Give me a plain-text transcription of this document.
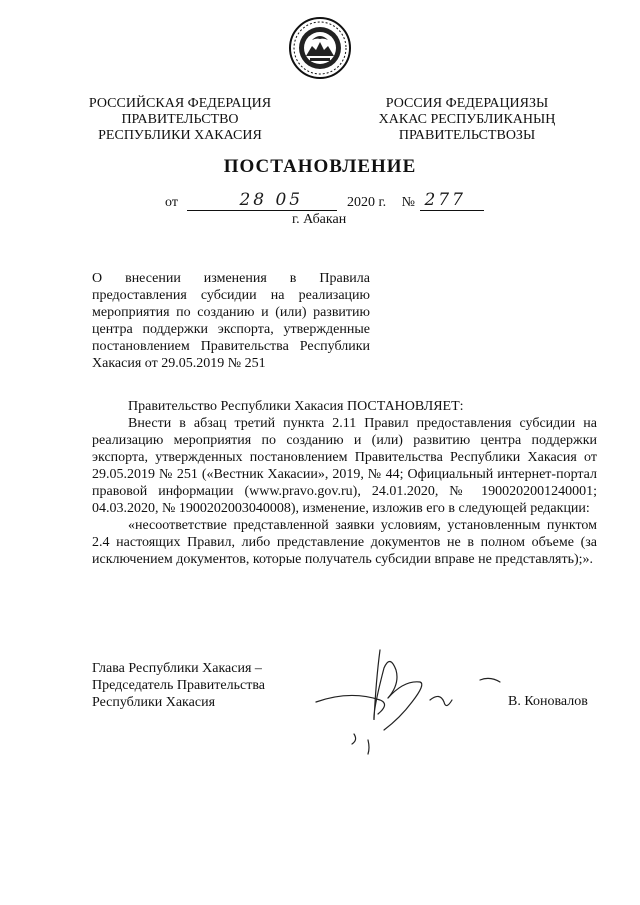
РОССИЙСКАЯ ФЕДЕРАЦИЯ
ПРАВИТЕЛЬСТВО
РЕСПУБЛИКИ ХАКАСИЯ
РОССИЯ ФЕДЕРАЦИЯЗЫ
ХАКАС РЕСПУБЛИКАНЫҢ
ПРАВИТЕЛЬСТВОЗЫ
ПОСТАНОВЛЕНИЕ
от	28 05	2020 г. № 277
г. Абакан
О внесении изменения в Правила предоставления субсидии на реализацию мероприятия по созданию и (или) развитию центра поддержки экспорта, утвержденные постановлением Правительства Республики Хакасия от 29.05.2019 № 251

Правительство Республики Хакасия ПОСТАНОВЛЯЕТ:

Внести в абзац третий пункта 2.11 Правил предоставления субсидии на реализацию мероприятия по созданию и (или) развитию центра поддержки экспорта, утвержденных постановлением Правительства Республики Хакасия от 29.05.2019 № 251 («Вестник Хакасии», 2019, № 44; Официальный интернет-портал правовой информации (www.pravo.gov.ru), 24.01.2020, № 1900202001240001; 04.03.2020, № 1900202003040008), изменение, изложив его в следующей редакции:

«несоответствие представленной заявки условиям, установленным пунктом 2.4 настоящих Правил, либо представление документов не в полном объеме (за исключением документов, которые получатель субсидии вправе не представлять);».

Глава Республики Хакасия –
Председатель Правительства
Республики Хакасия	В. Коновалов
